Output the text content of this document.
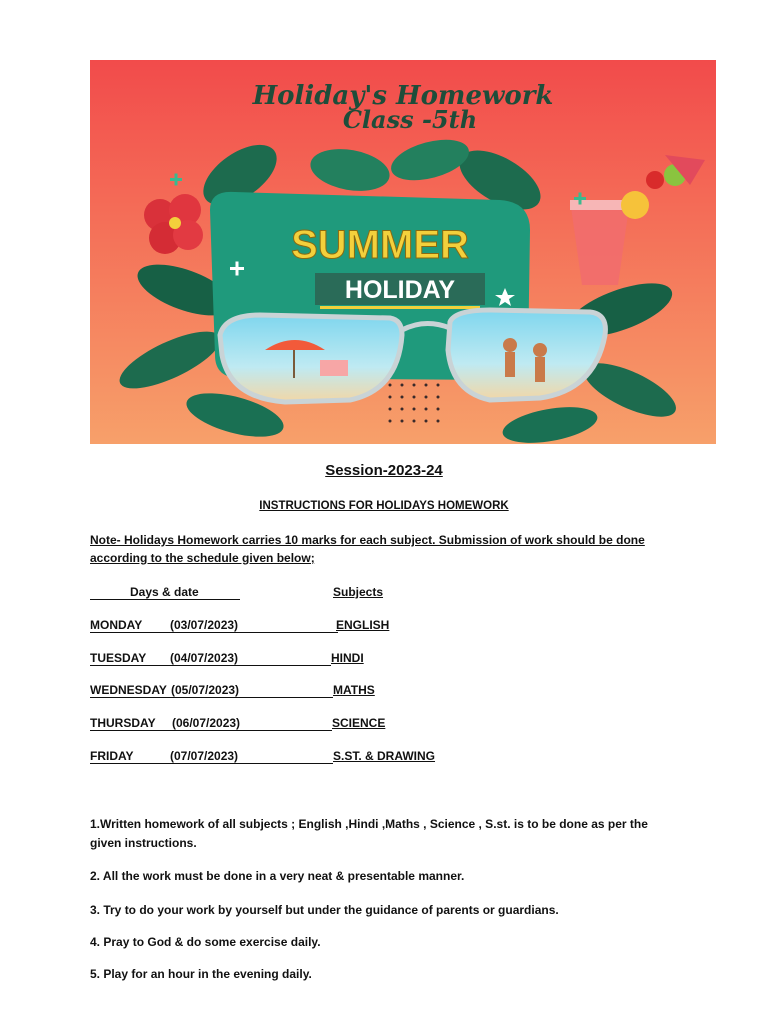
Holiday's Homework
Class -5th
SUMMER
HOLIDAY
Session-2023-24
INSTRUCTIONS FOR HOLIDAYS HOMEWORK
Note- Holidays Homework carries 10 marks for each subject. Submission of work should be done according to the schedule given below;
Days & date	Subjects
MONDAY (03/07/2023)	ENGLISH
TUESDAY (04/07/2023)	HINDI
WEDNESDAY (05/07/2023)	MATHS
THURSDAY (06/07/2023)	SCIENCE
FRIDAY	(07/07/2023)	S.ST. & DRAWING
1.Written homework of all subjects ; English ,Hindi ,Maths , Science , S.st. is to be done as per the given instructions.
2. All the work must be done in a very neat & presentable manner.
3. Try to do your work by yourself but under the guidance of parents or guardians.
4. Pray to God & do some exercise daily.
5. Play for an hour in the evening daily.
